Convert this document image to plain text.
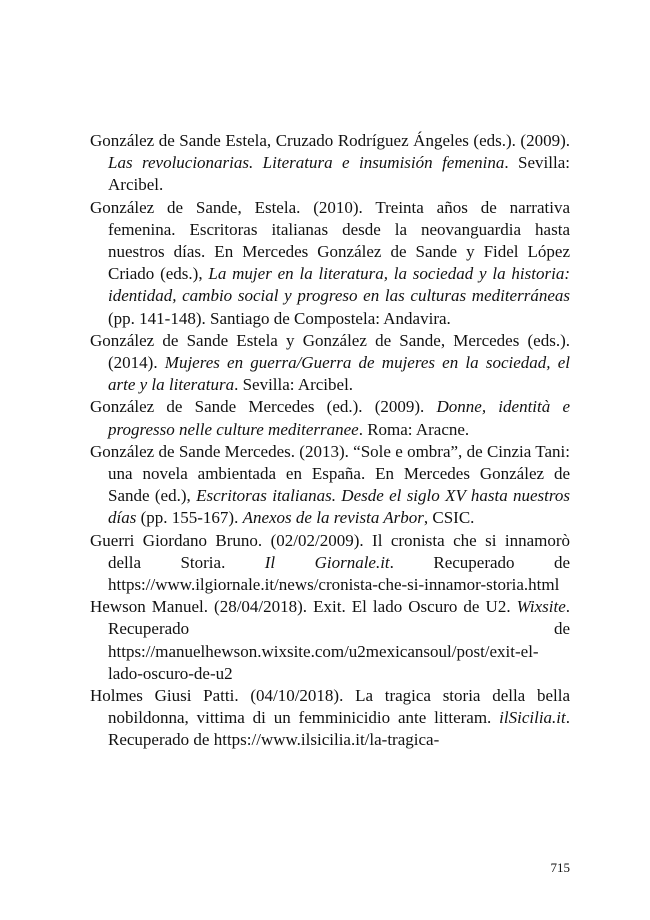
González de Sande Estela, Cruzado Rodríguez Ángeles (eds.). (2009). Las revolucionarias. Literatura e insumisión femenina. Sevilla: Arcibel.

González de Sande, Estela. (2010). Treinta años de narrativa femenina. Escritoras italianas desde la neovanguardia hasta nuestros días. En Mercedes González de Sande y Fidel López Criado (eds.), La mujer en la literatura, la sociedad y la historia: identidad, cambio social y progreso en las culturas mediterráneas (pp. 141-148). Santiago de Compostela: Andavira.

González de Sande Estela y González de Sande, Mercedes (eds.). (2014). Mujeres en guerra/Guerra de mujeres en la sociedad, el arte y la literatura. Sevilla: Arcibel.

González de Sande Mercedes (ed.). (2009). Donne, identità e progresso nelle culture mediterranee. Roma: Aracne.

González de Sande Mercedes. (2013). “Sole e ombra”, de Cinzia Tani: una novela ambientada en España. En Mercedes González de Sande (ed.), Escritoras italianas. Desde el siglo XV hasta nuestros días (pp. 155-167). Anexos de la revista Arbor, CSIC.

Guerri Giordano Bruno. (02/02/2009). Il cronista che si innamorò della Storia. Il Giornale.it. Recuperado de https://www.ilgiornale.it/news/cronista-che-si-innamor-storia.html

Hewson Manuel. (28/04/2018). Exit. El lado Oscuro de U2. Wixsite. Recuperado de https://manuelhewson.wixsite.com/u2mexicansoul/post/exit-el-lado-oscuro-de-u2

Holmes Giusi Patti. (04/10/2018). La tragica storia della bella nobildonna, vittima di un femminicidio ante litteram. ilSicilia.it. Recuperado de https://www.ilsicilia.it/la-tragica-

715
